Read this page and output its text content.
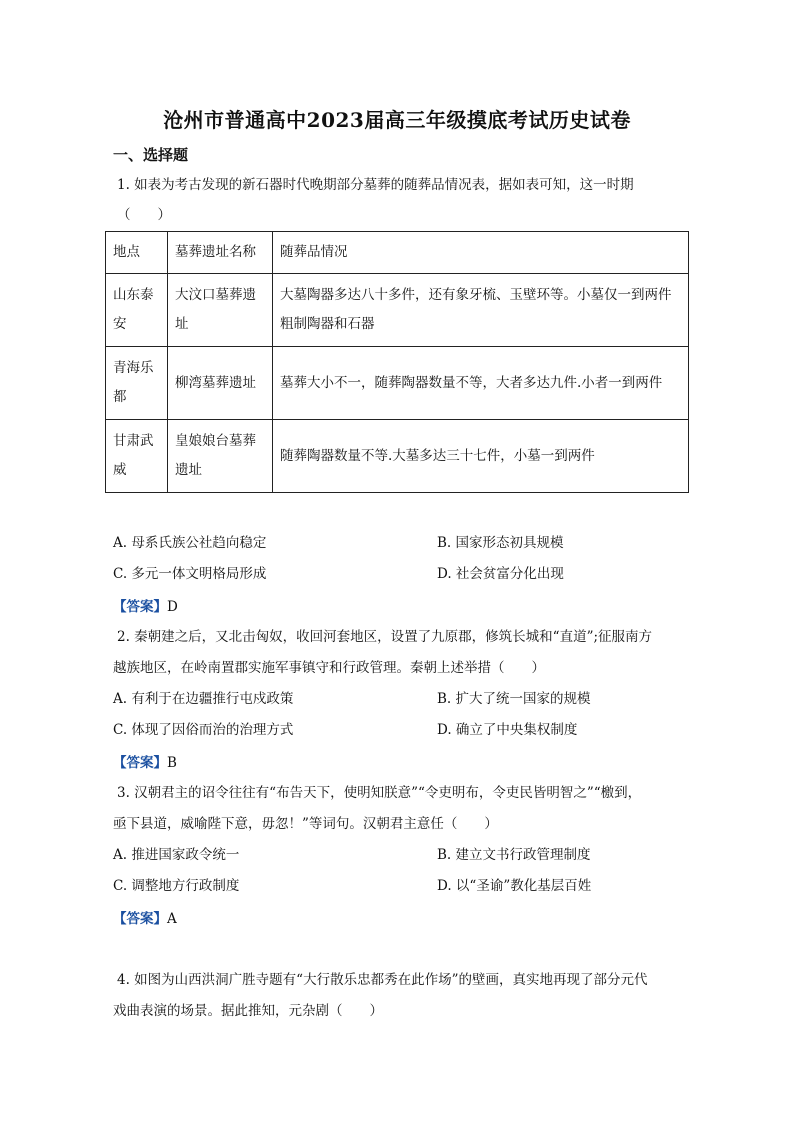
沧州市普通高中2023届高三年级摸底考试历史试卷
一、选择题
1. 如表为考古发现的新石器时代晚期部分墓葬的随葬品情况表，据如表可知，这一时期
（　　）
地点	墓葬遗址名称	随葬品情况
山东泰安	大汶口墓葬遗址	大墓陶器多达八十多件，还有象牙梳、玉壁环等。小墓仅一到两件粗制陶器和石器
青海乐都	柳湾墓葬遗址	墓葬大小不一，随葬陶器数量不等，大者多达九件.小者一到两件
甘肃武威	皇娘娘台墓葬遗址	随葬陶器数量不等.大墓多达三十七件，小墓一到两件
A. 母系氏族公社趋向稳定	B. 国家形态初具规模
C. 多元一体文明格局形成	D. 社会贫富分化出现
【答案】D
2. 秦朝建之后，又北击匈奴，收回河套地区，设置了九原郡，修筑长城和“直道”;征服南方
越族地区，在岭南置郡实施军事镇守和行政管理。秦朝上述举措（　　）
A. 有利于在边疆推行屯戍政策	B. 扩大了统一国家的规模
C. 体现了因俗而治的治理方式	D. 确立了中央集权制度
【答案】B
3. 汉朝君主的诏令往往有“布告天下，使明知朕意”“令吏明布，令吏民皆明智之”“檄到，
亟下县道，威喻陛下意，毋忽！”等词句。汉朝君主意任（　　）
A. 推进国家政令统一	B. 建立文书行政管理制度
C. 调整地方行政制度	D. 以“圣谕”教化基层百姓
【答案】A
4. 如图为山西洪洞广胜寺题有“大行散乐忠都秀在此作场”的壁画，真实地再现了部分元代
戏曲表演的场景。据此推知，元杂剧（　　）
